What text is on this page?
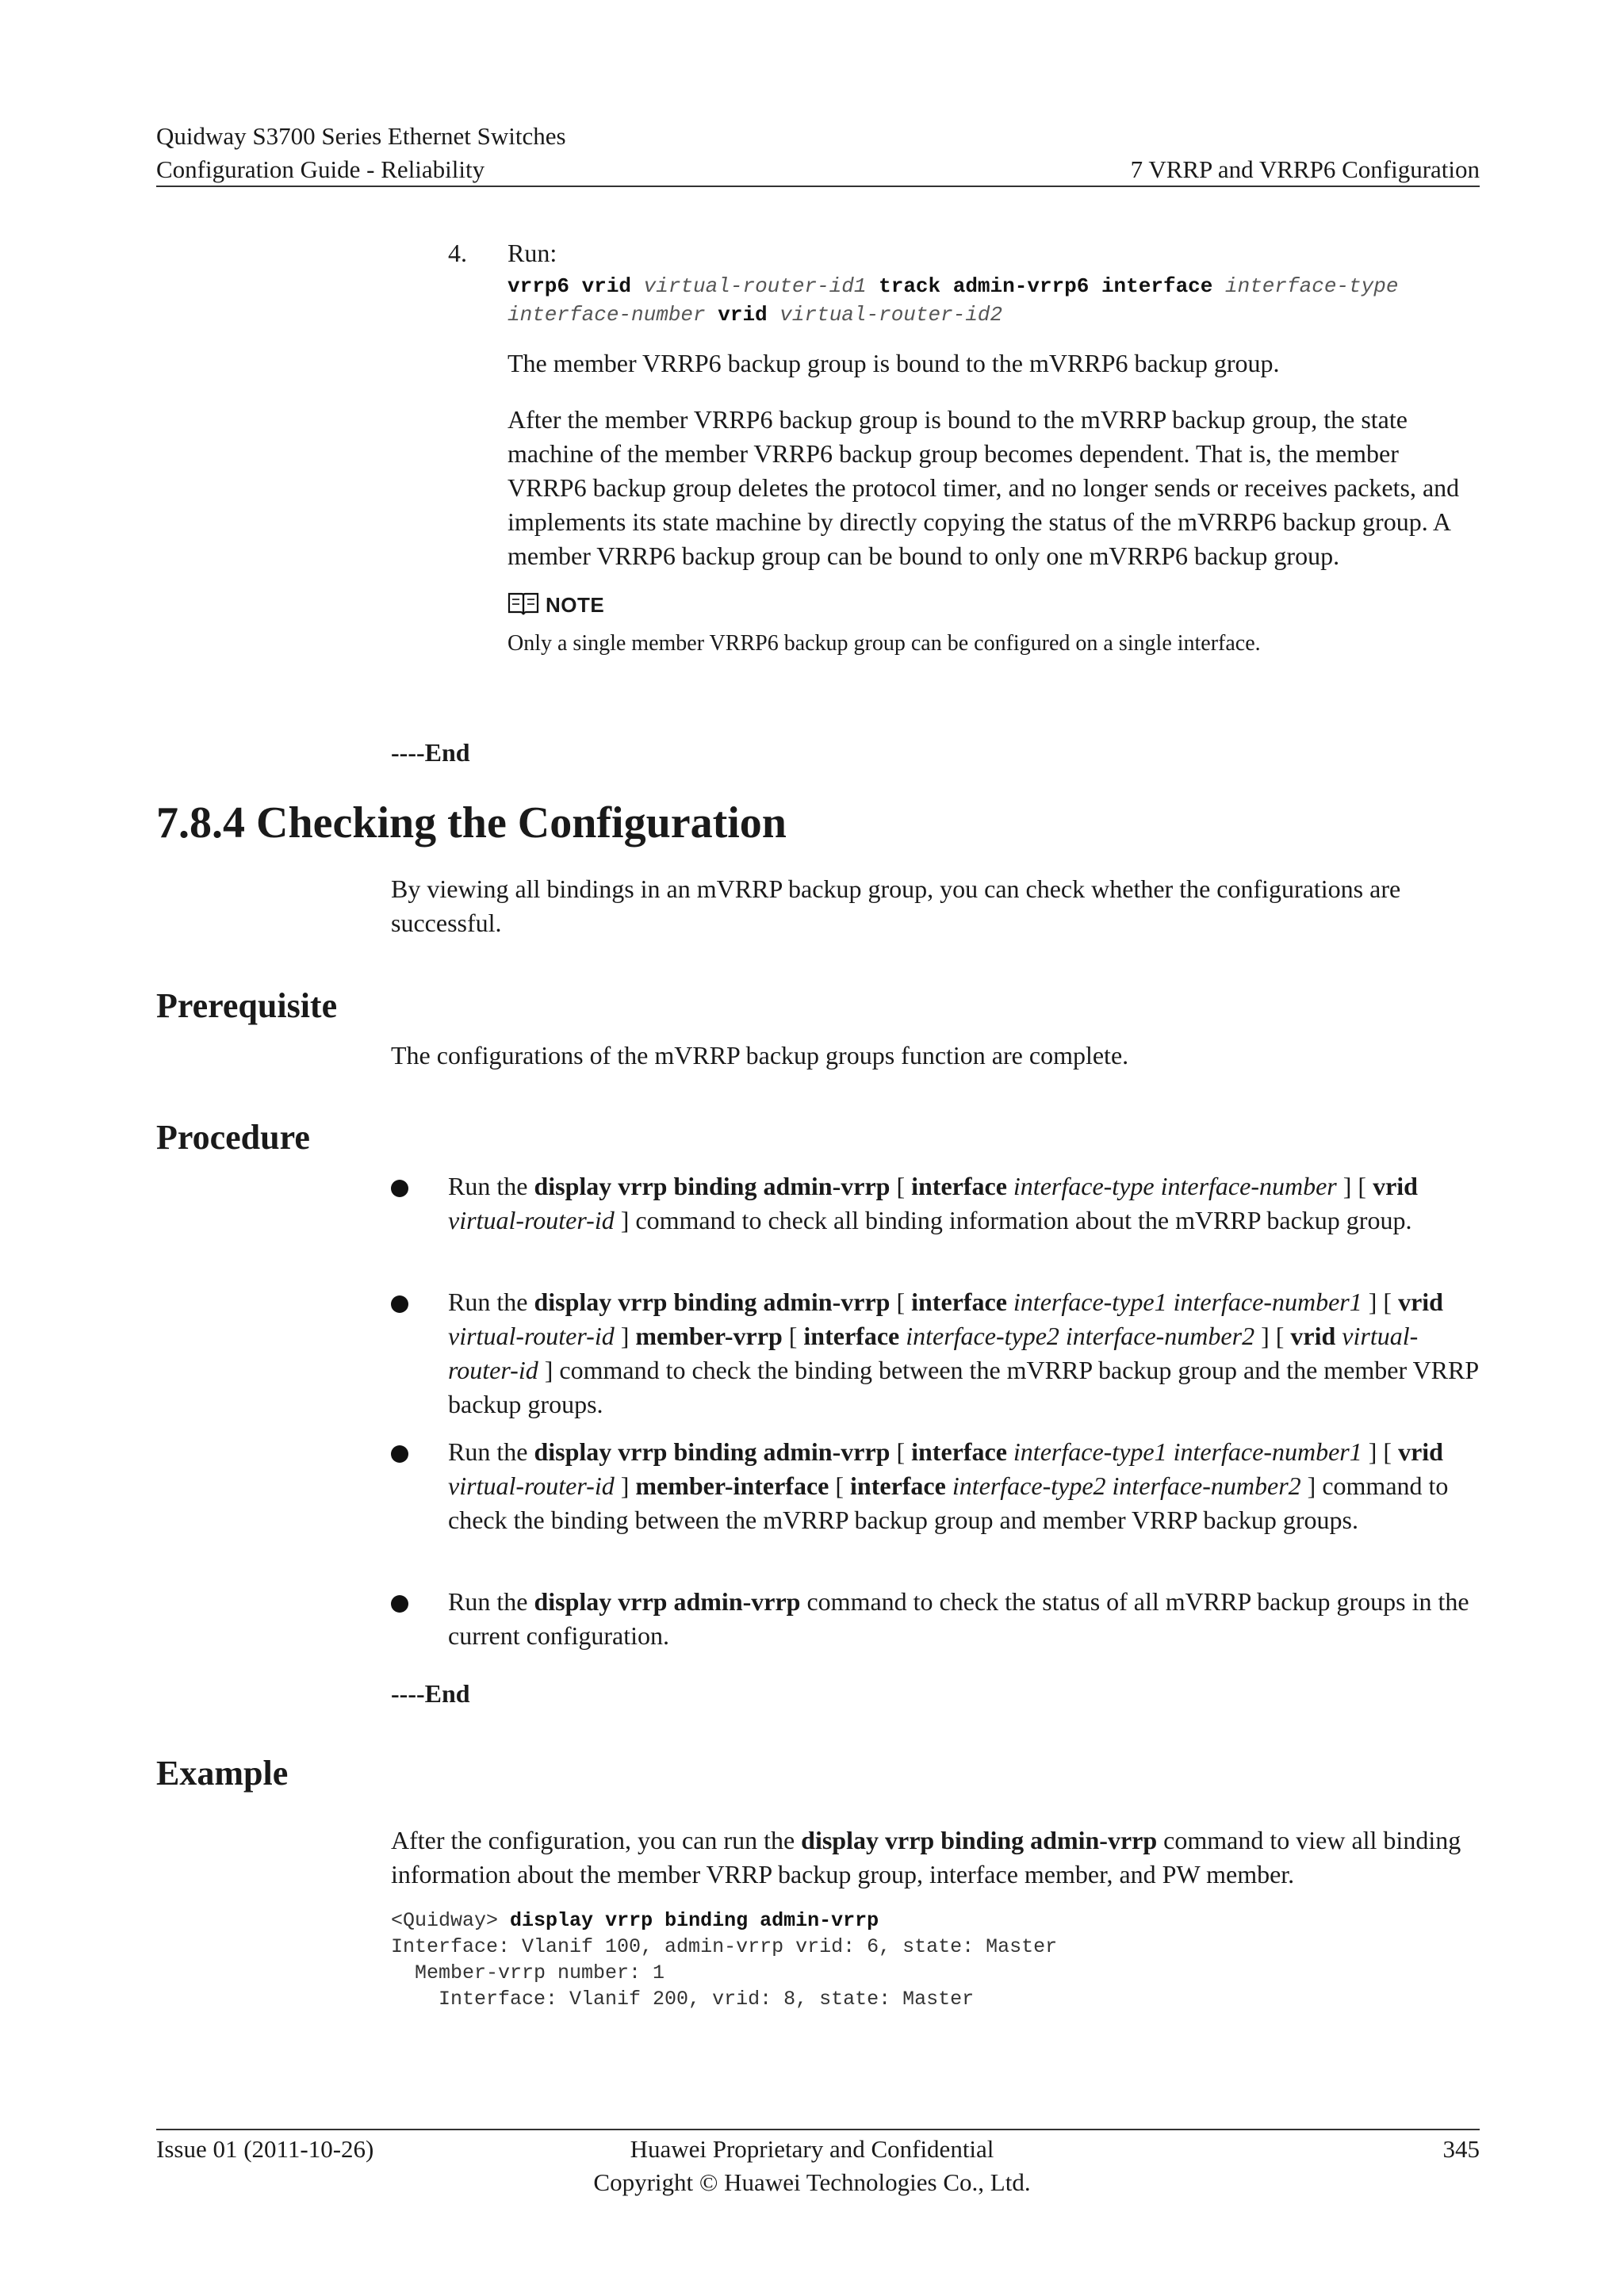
Quidway S3700 Series Ethernet Switches
Configuration Guide - Reliability	7 VRRP and VRRP6 Configuration
4. Run:

vrrp6 vrid virtual-router-id1 track admin-vrrp6 interface interface-type
interface-number vrid virtual-router-id2

The member VRRP6 backup group is bound to the mVRRP6 backup group.

After the member VRRP6 backup group is bound to the mVRRP backup group, the state machine of the member VRRP6 backup group becomes dependent. That is, the member VRRP6 backup group deletes the protocol timer, and no longer sends or receives packets, and implements its state machine by directly copying the status of the mVRRP6 backup group. A member VRRP6 backup group can be bound to only one mVRRP6 backup group.

NOTE

Only a single member VRRP6 backup group can be configured on a single interface.

----End
7.8.4 Checking the Configuration

By viewing all bindings in an mVRRP backup group, you can check whether the configurations are successful.

Prerequisite

The configurations of the mVRRP backup groups function are complete.

Procedure

Run the display vrrp binding admin-vrrp [ interface interface-type interface-number ] [ vrid virtual-router-id ] command to check all binding information about the mVRRP backup group.

Run the display vrrp binding admin-vrrp [ interface interface-type1 interface-number1 ] [ vrid virtual-router-id ] member-vrrp [ interface interface-type2 interface-number2 ] [ vrid virtual-router-id ] command to check the binding between the mVRRP backup group and the member VRRP backup groups.

Run the display vrrp binding admin-vrrp [ interface interface-type1 interface-number1 ] [ vrid virtual-router-id ] member-interface [ interface interface-type2 interface-number2 ] command to check the binding between the mVRRP backup group and member VRRP backup groups.

Run the display vrrp admin-vrrp command to check the status of all mVRRP backup groups in the current configuration.

----End
Example

After the configuration, you can run the display vrrp binding admin-vrrp command to view all binding information about the member VRRP backup group, interface member, and PW member.

<Quidway> display vrrp binding admin-vrrp
Interface: Vlanif 100, admin-vrrp vrid: 6, state: Master
Member-vrrp number: 1
Interface: Vlanif 200, vrid: 8, state: Master
Issue 01 (2011-10-26)	Huawei Proprietary and Confidential
Copyright © Huawei Technologies Co., Ltd.
345
